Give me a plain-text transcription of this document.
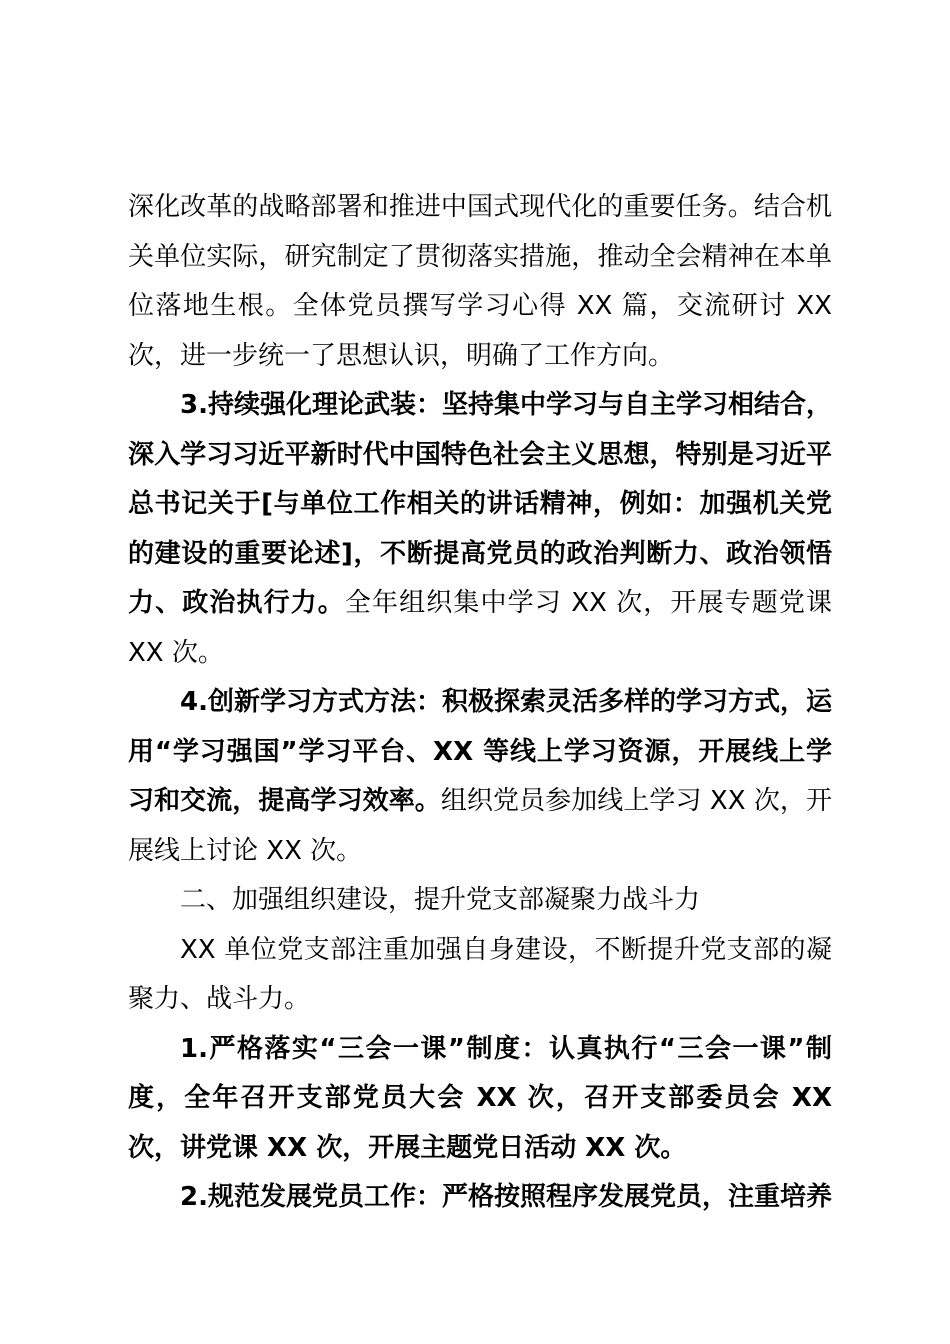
深化改革的战略部署和推进中国式现代化的重要任务。结合机关单位实际，研究制定了贯彻落实措施，推动全会精神在本单位落地生根。全体党员撰写学习心得 XX 篇，交流研讨 XX 次，进一步统一了思想认识，明确了工作方向。

3.持续强化理论武装：坚持集中学习与自主学习相结合，深入学习习近平新时代中国特色社会主义思想，特别是习近平总书记关于[与单位工作相关的讲话精神，例如：加强机关党的建设的重要论述]，不断提高党员的政治判断力、政治领悟力、政治执行力。全年组织集中学习 XX 次，开展专题党课 XX 次。

4.创新学习方式方法：积极探索灵活多样的学习方式，运用“学习强国”学习平台、XX 等线上学习资源，开展线上学习和交流，提高学习效率。组织党员参加线上学习 XX 次，开展线上讨论 XX 次。

二、加强组织建设，提升党支部凝聚力战斗力

XX 单位党支部注重加强自身建设，不断提升党支部的凝聚力、战斗力。

1.严格落实“三会一课”制度：认真执行“三会一课”制度，全年召开支部党员大会 XX 次，召开支部委员会 XX 次，讲党课 XX 次，开展主题党日活动 XX 次。

2.规范发展党员工作：严格按照程序发展党员，注重培养
